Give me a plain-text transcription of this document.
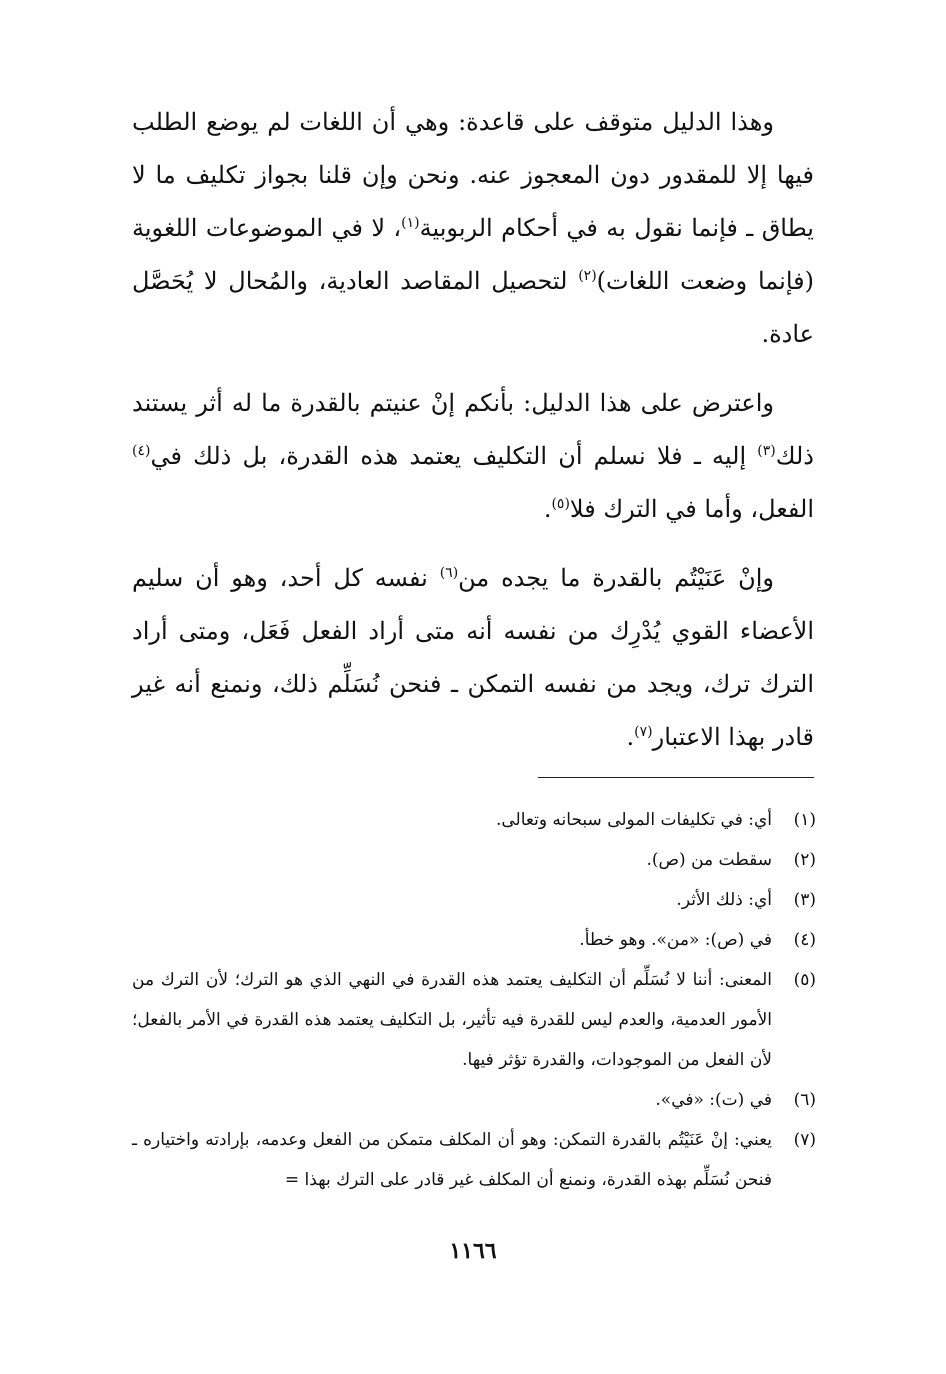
وهذا الدليل متوقف على قاعدة: وهي أن اللغات لم يوضع الطلب فيها إلا للمقدور دون المعجوز عنه. ونحن وإن قلنا بجواز تكليف ما لا يطاق ـ فإنما نقول به في أحكام الربوبية$^{(١)}$، لا في الموضوعات اللغوية (فإنما وضعت اللغات)$^{(٢)}$ لتحصيل المقاصد العادية، والمُحال لا يُحَصَّل عادة.

واعترض على هذا الدليل: بأنكم إنْ عنيتم بالقدرة ما له أثر يستند ذلك$^{(٣)}$ إليه ـ فلا نسلم أن التكليف يعتمد هذه القدرة، بل ذلك في$^{(٤)}$ الفعل، وأما في الترك فلا$^{(٥)}$.

وإنْ عَنَيْتُم بالقدرة ما يجده من$^{(٦)}$ نفسه كل أحد، وهو أن سليم الأعضاء القوي يُدْرِك من نفسه أنه متى أراد الفعل فَعَل، ومتى أراد الترك ترك، ويجد من نفسه التمكن ـ فنحن نُسَلِّم ذلك، ونمنع أنه غير قادر بهذا الاعتبار$^{(٧)}$.

(١)
أي: في تكليفات المولى سبحانه وتعالى.

(٢)
سقطت من (ص).

(٣)
أي: ذلك الأثر.

(٤)
في (ص): «من». وهو خطأ.

(٥)
المعنى: أننا لا نُسَلِّم أن التكليف يعتمد هذه القدرة في النهي الذي هو الترك؛ لأن الترك من الأمور العدمية، والعدم ليس للقدرة فيه تأثير، بل التكليف يعتمد هذه القدرة في الأمر بالفعل؛ لأن الفعل من الموجودات، والقدرة تؤثر فيها.

(٦)
في (ت): «في».

(٧)
يعني: إنْ عَنَيْتُم بالقدرة التمكن: وهو أن المكلف متمكن من الفعل وعدمه، بإرادته واختياره ـ فنحن نُسَلِّم بهذه القدرة، ونمنع أن المكلف غير قادر على الترك بهذا =

١١٦٦
